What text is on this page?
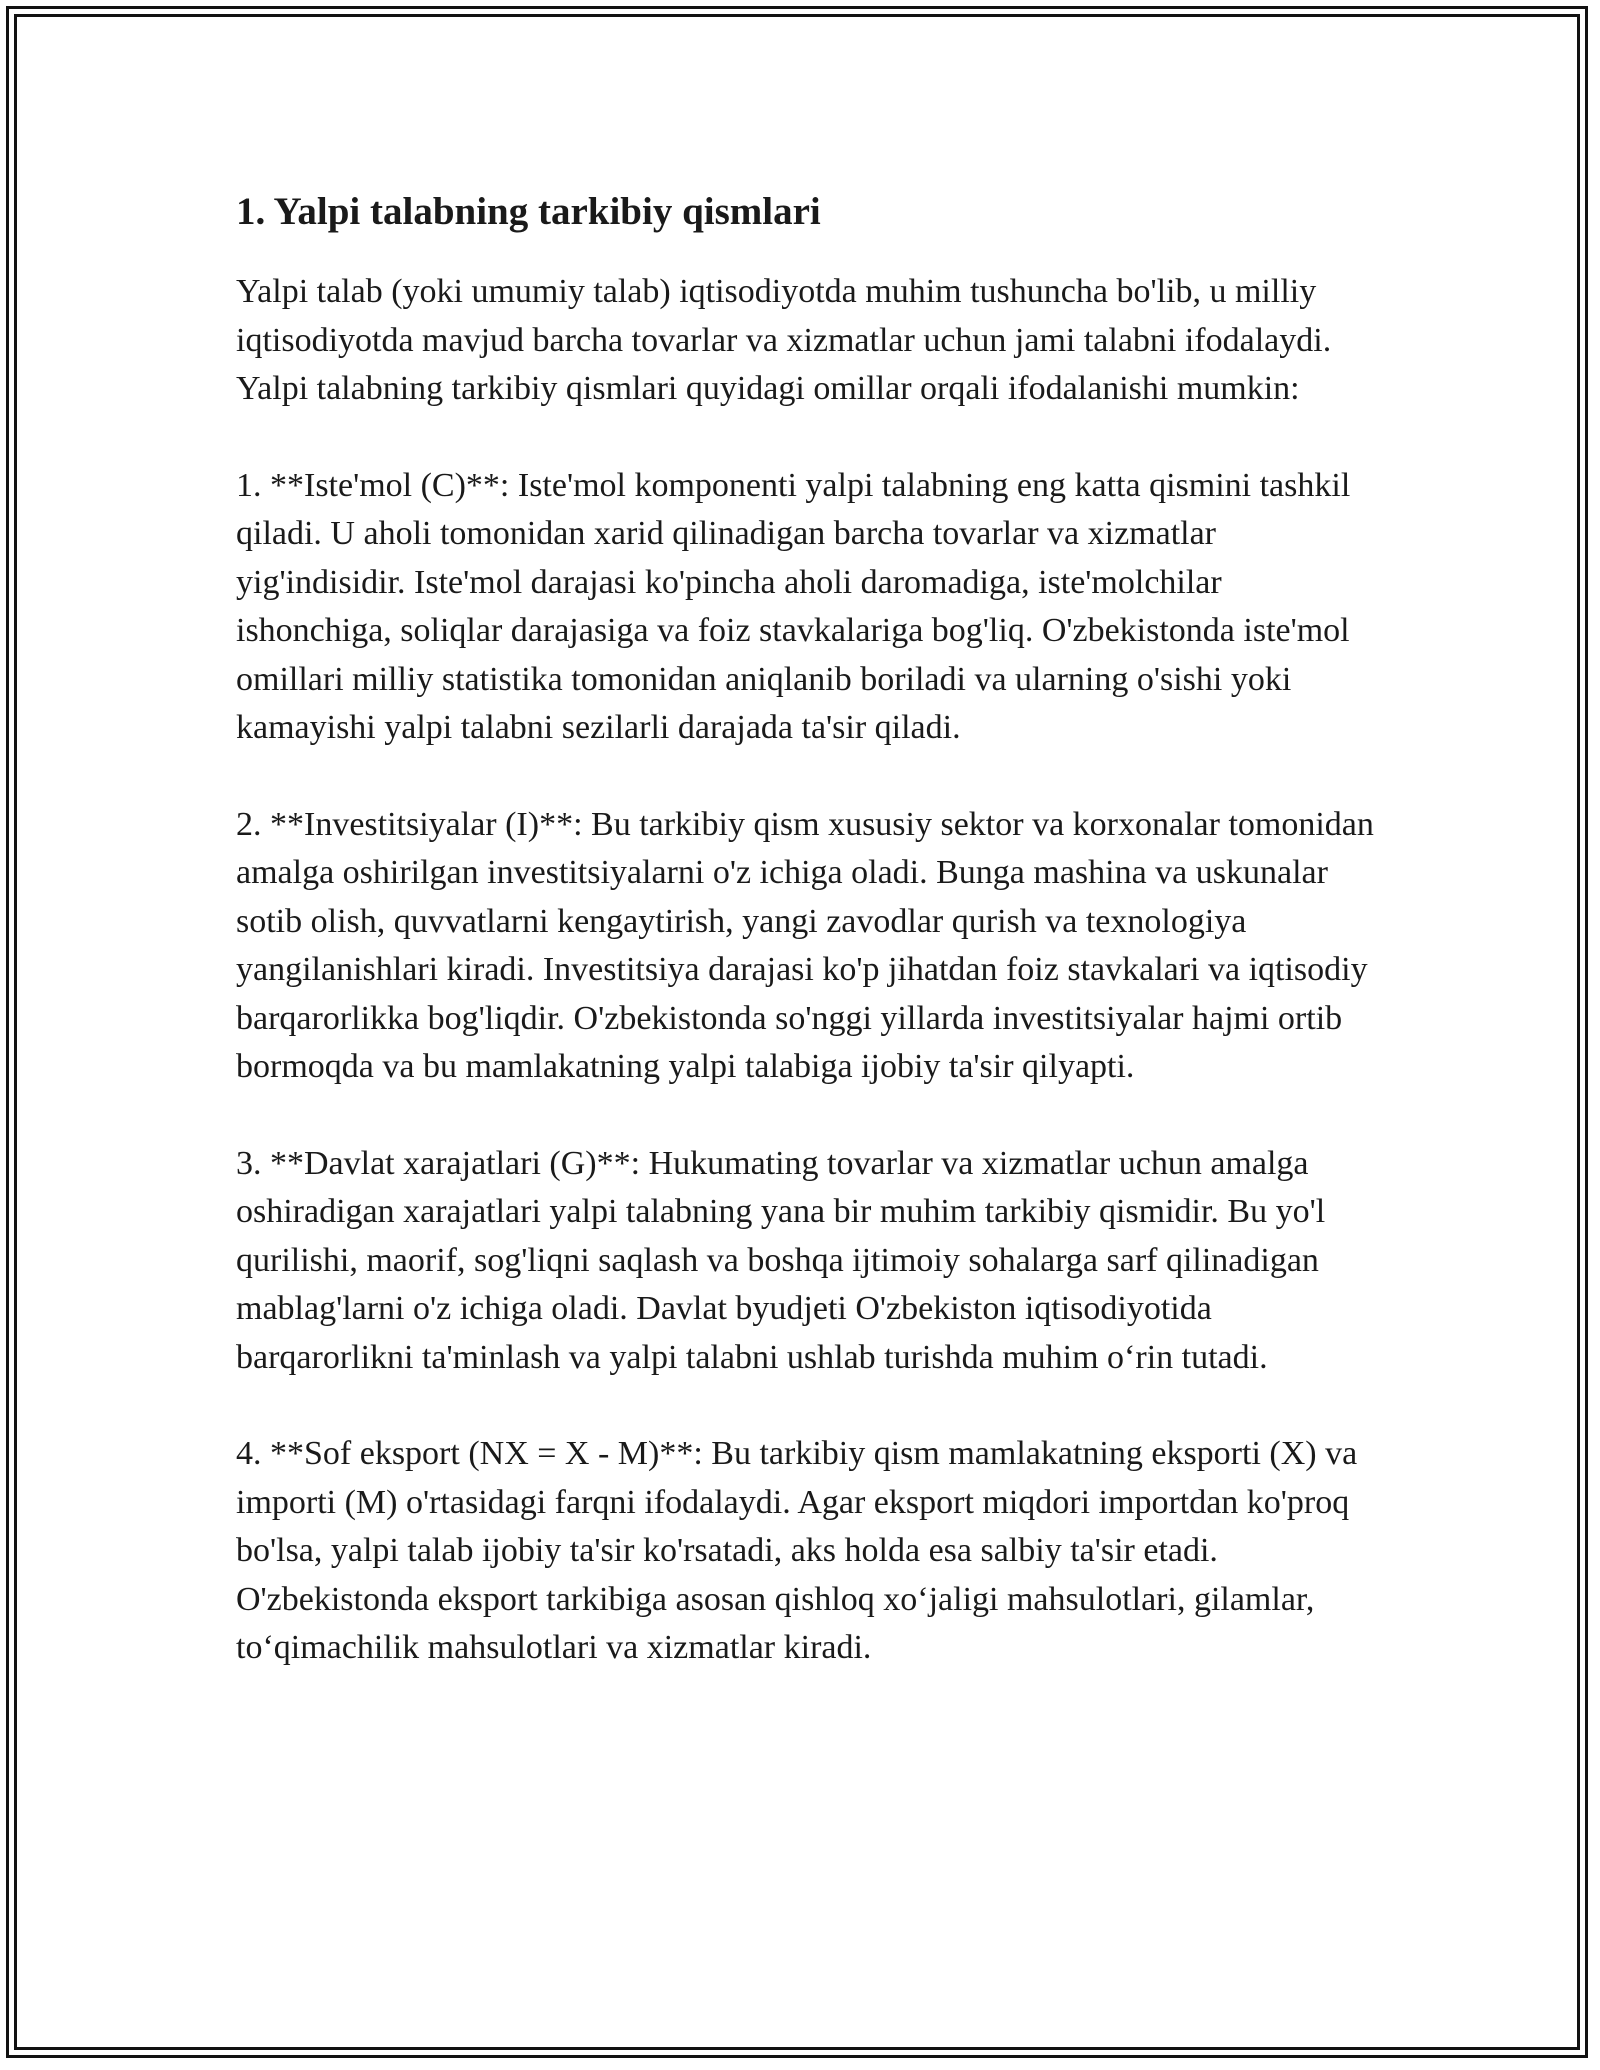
1. Yalpi talabning tarkibiy qismlari

Yalpi talab (yoki umumiy talab) iqtisodiyotda muhim tushuncha bo'lib, u milliy iqtisodiyotda mavjud barcha tovarlar va xizmatlar uchun jami talabni ifodalaydi. Yalpi talabning tarkibiy qismlari quyidagi omillar orqali ifodalanishi mumkin:

1. **Iste'mol (C)**: Iste'mol komponenti yalpi talabning eng katta qismini tashkil qiladi. U aholi tomonidan xarid qilinadigan barcha tovarlar va xizmatlar yig'indisidir. Iste'mol darajasi ko'pincha aholi daromadiga, iste'molchilar ishonchiga, soliqlar darajasiga va foiz stavkalariga bog'liq. O'zbekistonda iste'mol omillari milliy statistika tomonidan aniqlanib boriladi va ularning o'sishi yoki kamayishi yalpi talabni sezilarli darajada ta'sir qiladi.

2. **Investitsiyalar (I)**: Bu tarkibiy qism xususiy sektor va korxonalar tomonidan amalga oshirilgan investitsiyalarni o'z ichiga oladi. Bunga mashina va uskunalar sotib olish, quvvatlarni kengaytirish, yangi zavodlar qurish va texnologiya yangilanishlari kiradi. Investitsiya darajasi ko'p jihatdan foiz stavkalari va iqtisodiy barqarorlikka bog'liqdir. O'zbekistonda so'nggi yillarda investitsiyalar hajmi ortib bormoqda va bu mamlakatning yalpi talabiga ijobiy ta'sir qilyapti.

3. **Davlat xarajatlari (G)**: Hukumating tovarlar va xizmatlar uchun amalga oshiradigan xarajatlari yalpi talabning yana bir muhim tarkibiy qismidir. Bu yo'l qurilishi, maorif, sog'liqni saqlash va boshqa ijtimoiy sohalarga sarf qilinadigan mablag'larni o'z ichiga oladi. Davlat byudjeti O'zbekiston iqtisodiyotida barqarorlikni ta'minlash va yalpi talabni ushlab turishda muhim o‘rin tutadi.

4. **Sof eksport (NX = X - M)**: Bu tarkibiy qism mamlakatning eksporti (X) va importi (M) o'rtasidagi farqni ifodalaydi. Agar eksport miqdori importdan ko'proq bo'lsa, yalpi talab ijobiy ta'sir ko'rsatadi, aks holda esa salbiy ta'sir etadi. O'zbekistonda eksport tarkibiga asosan qishloq xo‘jaligi mahsulotlari, gilamlar, to‘qimachilik mahsulotlari va xizmatlar kiradi.
